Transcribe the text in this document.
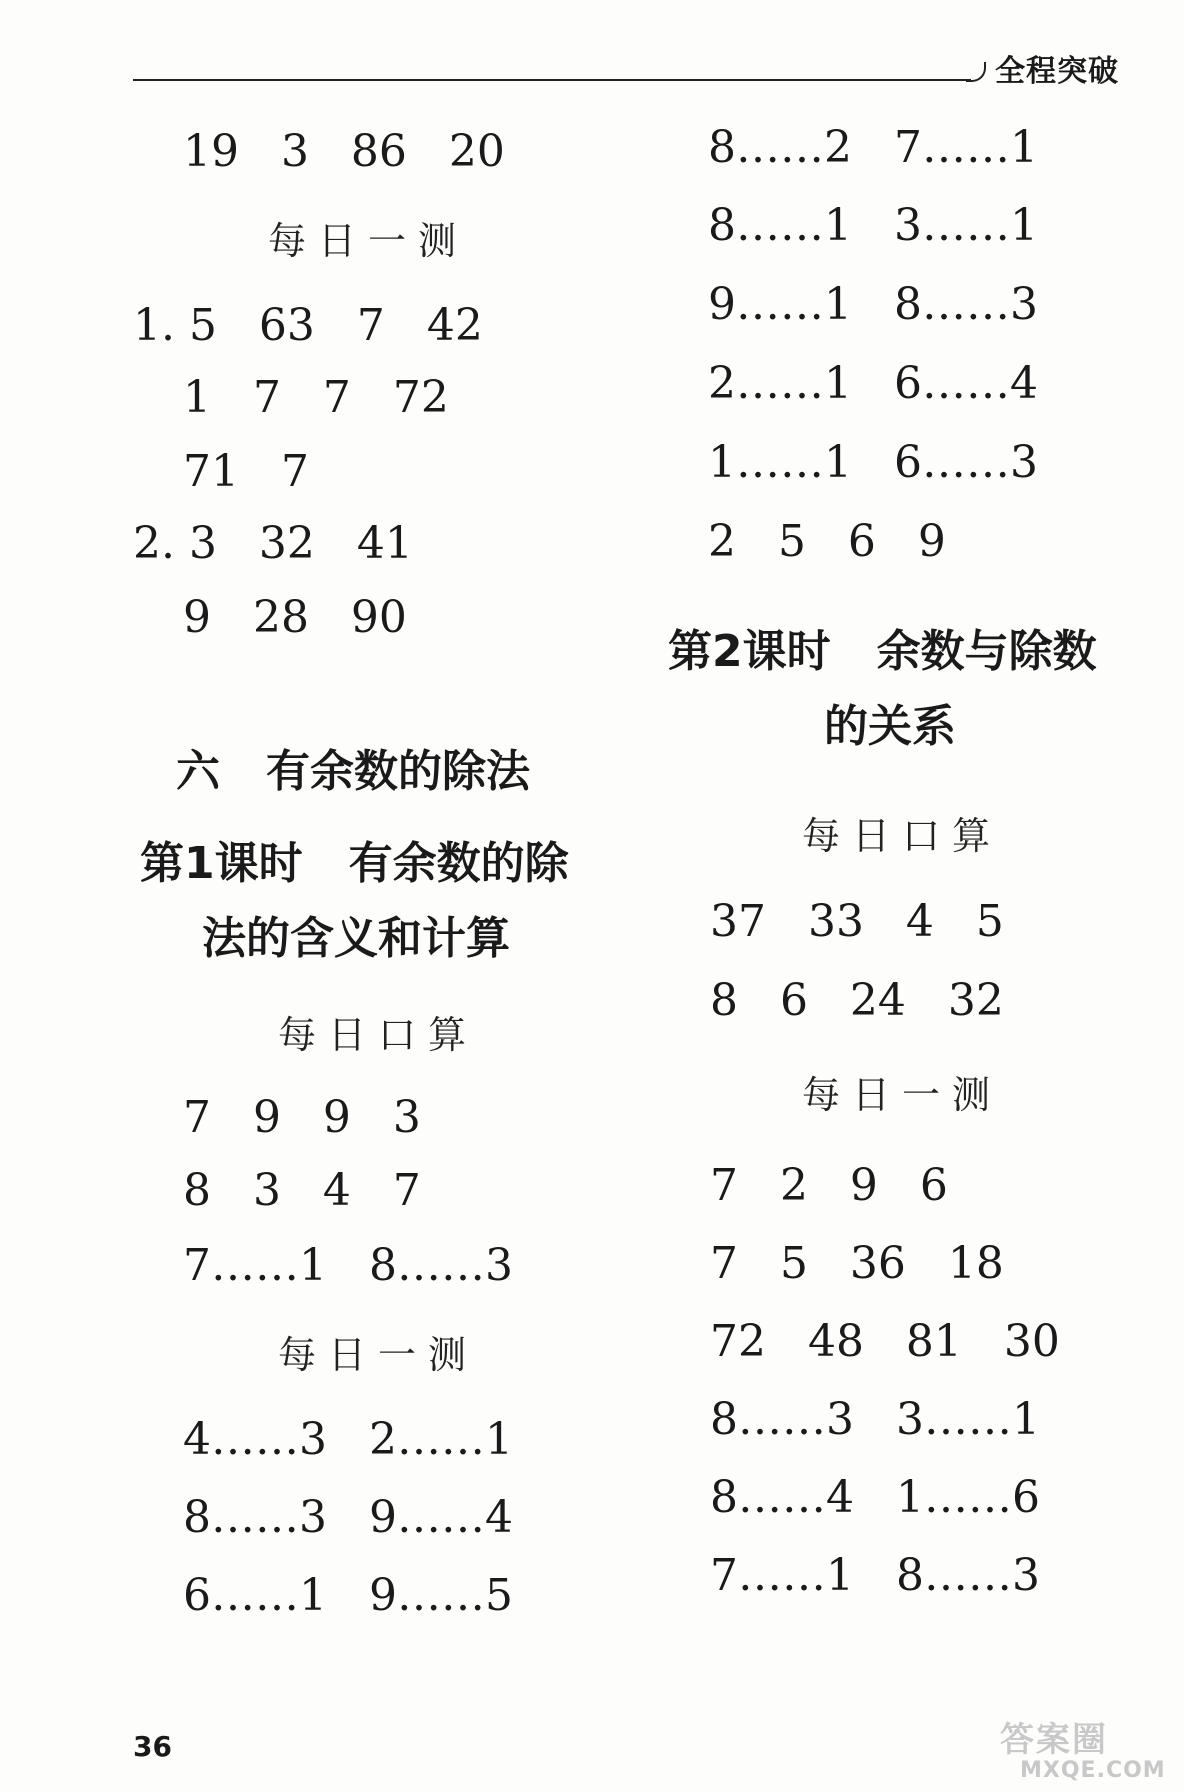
全程突破
19   3   86   20
每日一测
1. 5   63   7   42
1   7   7   72
71   7
2. 3   32   41
9   28   90
六   有余数的除法
第1课时   有余数的除
法的含义和计算
每日口算
7   9   9   3
8   3   4   7
7……1   8……3
每日一测
4……3   2……1
8……3   9……4
6……1   9……5
8……2   7……1
8……1   3……1
9……1   8……3
2……1   6……4
1……1   6……3
2   5   6   9
第2课时   余数与除数
的关系
每日口算
37   33   4   5
8   6   24   32
每日一测
7   2   9   6
7   5   36   18
72   48   81   30
8……3   3……1
8……4   1……6
7……1   8……3
36	答案圈
MXQE.COM
